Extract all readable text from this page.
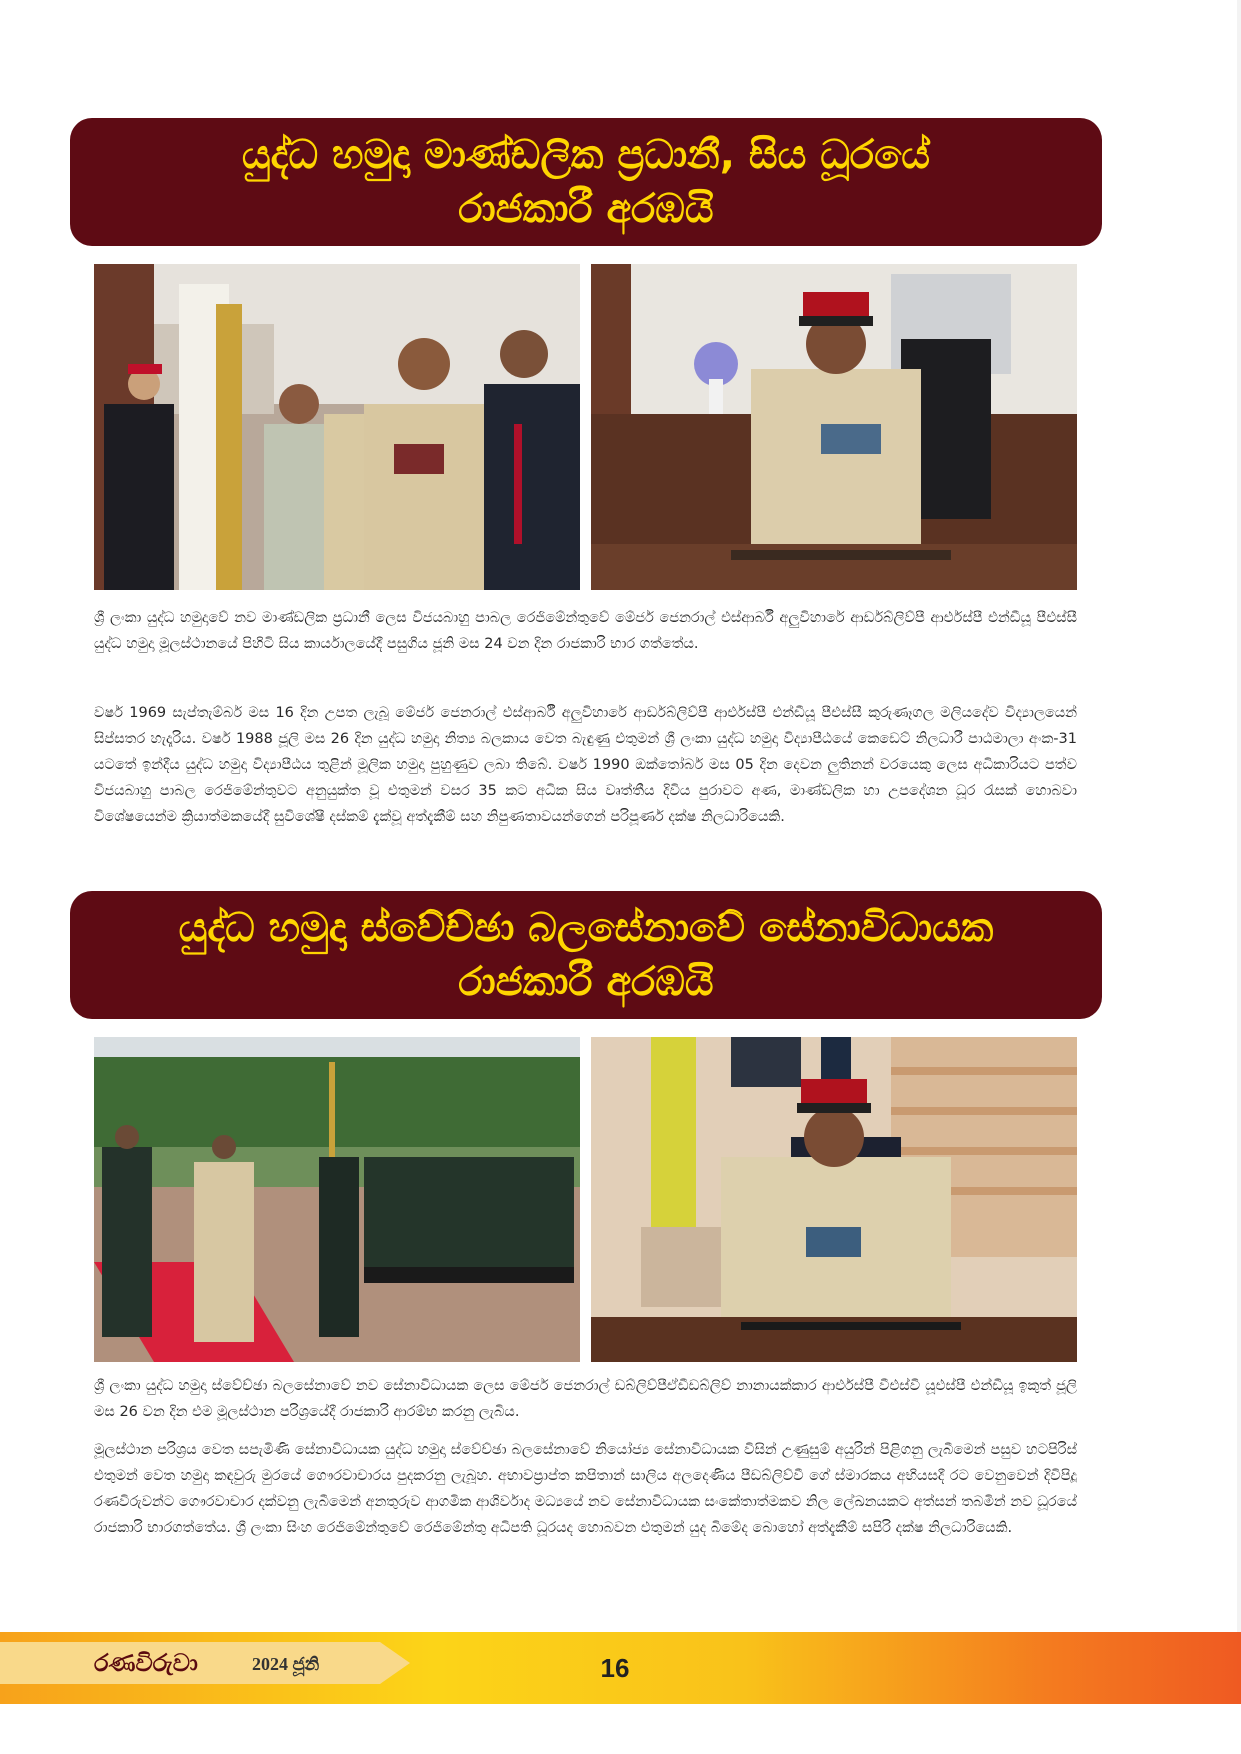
යුද්ධ හමුදා මාණ්ඩලික ප්‍රධානී, සිය ධූරයේ
රාජකාරී අරඹයි

ශ්‍රී ලංකා යුද්ධ හමුදාවේ නව මාණ්ඩලික ප්‍රධානී ලෙස විජයබාහු පාබල රෙජිමේන්තුවේ මේජර් ජෙනරාල් එස්ආර්බී අලුවිහාරේ ආර්ඩබ්ලිව්පී ආර්එස්පී එන්ඩීයූ පීඑස්සී යුද්ධ හමුදා මූලස්ථානයේ පිහිටි සිය කාර්යාලයේදී පසුගිය ජූනි මස 24 වන දින රාජකාරි භාර ගත්තේය.

වර්ෂ 1969 සැප්තැම්බර් මස 16 දින උපත ලැබූ මේජර් ජෙනරාල් එස්ආර්බී අලුවිහාරේ ආර්ඩබ්ලිව්පී ආර්එස්පී එන්ඩීයූ පීඑස්සී කුරුණෑගල මලියදේව විද්‍යාලයෙන් සිප්සතර හැදෑරිය. වර්ෂ 1988 ජූලි මස 26 දින යුද්ධ හමුදා නිත්‍ය බලකාය වෙත බැඳුණු එතුමන් ශ්‍රී ලංකා යුද්ධ හමුදා විද්‍යාපීඨයේ කෙඩෙට් නිලධාරී පාඨමාලා අංක-31 යටතේ ඉන්දීය යුද්ධ හමුදා විද්‍යාපීඨය තුළින් මූලික හමුදා පුහුණුව ලබා තිබේ. වර්ෂ 1990 ඔක්තෝබර් මස 05 දින දෙවන ලුතිනන් වරයෙකු ලෙස අධිකාරියට පත්ව විජයබාහු පාබල රෙජිමේන්තුවට අනුයුක්ත වූ එතුමන් වසර 35 කට අධික සිය වෘත්තීය දිවිය පුරාවට අණ, මාණ්ඩලික හා උපදේශන ධූර රැසක් හොබවා විශේෂයෙන්ම ක්‍රියාත්මකයේදී සුවිශේෂී දස්කම් දැක්වූ අත්දැකීම් සහ නිපුණතාවයන්ගෙන් පරිපූර්ණ දක්ෂ නිලධාරියෙකි.

යුද්ධ හමුදා ස්වේච්ඡා බලසේනාවේ සේනාවිධායක
රාජකාරී අරඹයි

ශ්‍රී ලංකා යුද්ධ හමුදා ස්වේච්ඡා බලසේනාවේ නව සේනාවිධායක ලෙස මේජර් ජෙනරාල් ඩබ්ලිව්පීඒඩීඩබ්ලිව් නානායක්කාර ආර්එස්පී වීඑස්වී යූඑස්පී එන්ඩීයූ ඉකුත් ජූලි මස 26 වන දින එම මූලස්ථාන පරිශ්‍රයේදී රාජකාරි ආරම්භ කරනු ලැබිය.

මූලස්ථාන පරිශ්‍රය වෙත සපැමිණි සේනාවිධායක යුද්ධ හමුදා ස්වේච්ඡා බලසේනාවේ නියෝජ්‍ය සේනාවිධායක විසින් උණුසුම් අයුරින් පිළිගනු ලැබීමෙන් පසුව හටපිරිස් එතුමන් වෙත හමුදා කඳවුරු මුරයේ ගෞරවාචාරය පුදකරනු ලැබූහ. අභාවප්‍රාප්ත කපිතාන් සාලිය අලදෙණිය පීඩබ්ලිව්වී ගේ ස්මාරකය අභියසදී රට වෙනුවෙන් දිවිපිදූ රණවිරුවන්ට ගෞරවාචාර දක්වනු ලැබීමෙන් අනතුරුව ආගමික ආශිර්වාද මධ්‍යයේ නව සේනාවිධායක සංකේතාත්මකව නිල ලේඛනයකට අත්සන් තබමින් නව ධූරයේ රාජකාරි භාරගත්තේය. ශ්‍රී ලංකා සිංහ රෙජිමේන්තුවේ රෙජිමේන්තු අධිපති ධූරයද හොබවන එතුමන් යුද බිමේද බොහෝ අත්දැකීම් සපිරි දක්ෂ නිලධාරියෙකි.

රණවිරුවා	2024 ජූනි	16
